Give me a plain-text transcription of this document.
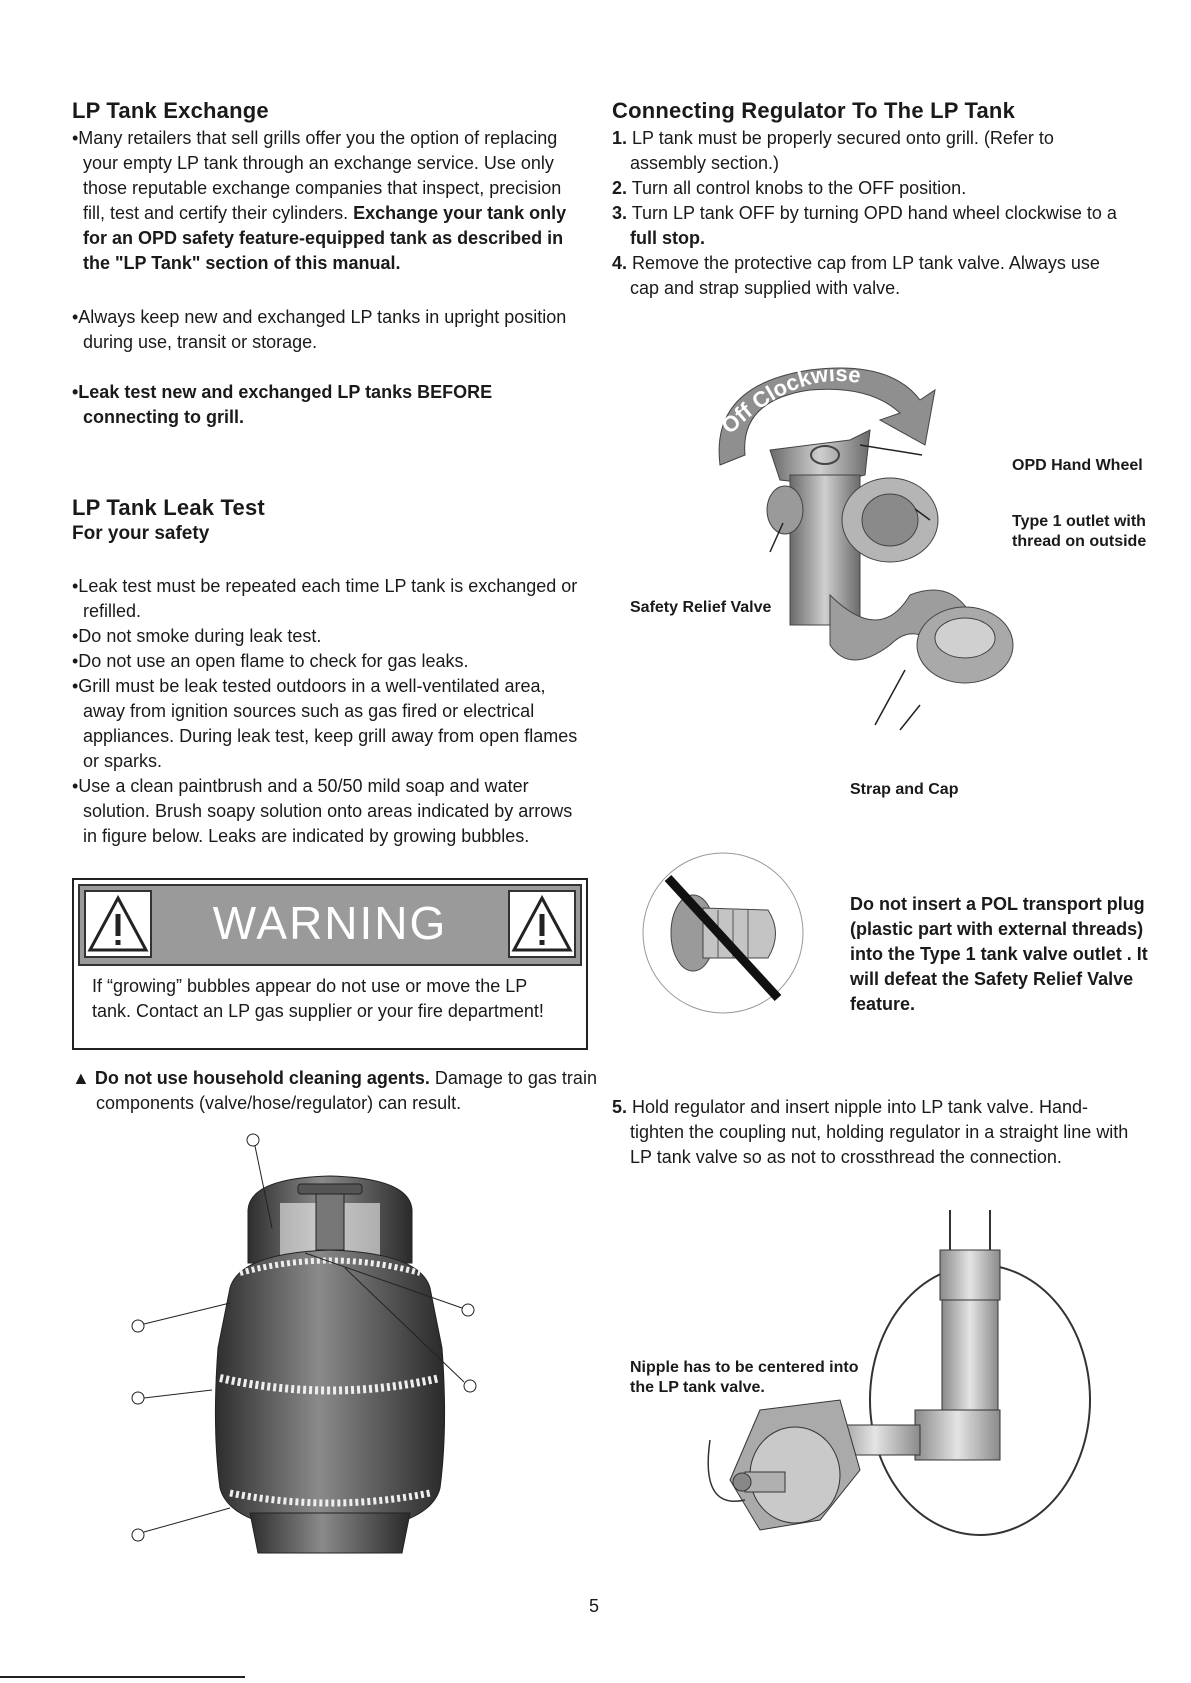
LP Tank Exchange
•Many retailers that sell grills offer you the option of replacing your empty LP tank through an exchange service. Use only those reputable exchange companies that inspect, precision fill, test and certify their cylinders. Exchange your tank only for an OPD safety feature-equipped tank as described in the "LP Tank" section of this manual.
•Always keep new and exchanged LP tanks in upright position during use, transit or storage.
•Leak test new and exchanged LP tanks BEFORE connecting to grill.
LP Tank Leak Test
For your safety
•Leak test must be repeated each time LP tank is exchanged or refilled.
•Do not smoke during leak test.
•Do not use an open flame to check for gas leaks.
•Grill must be leak tested outdoors in a well-ventilated area, away from ignition sources such as gas fired or electrical appliances. During leak test, keep grill away from open flames or sparks.
•Use a clean paintbrush and a 50/50 mild soap and water solution. Brush soapy solution onto areas indicated by arrows in figure below. Leaks are indicated by growing bubbles.
WARNING
If “growing” bubbles appear do not use or move the LP tank. Contact an LP gas supplier or your fire department!
▲ Do not use household cleaning agents. Damage to gas train components (valve/hose/regulator) can result.
Connecting Regulator To The LP Tank
1. LP tank must be properly secured onto grill. (Refer to assembly section.)
2. Turn all control knobs to the OFF position.
3. Turn LP tank OFF by turning OPD hand wheel clockwise to a full stop.
4. Remove the protective cap from LP tank valve. Always use cap and strap supplied with valve.
Off Clockwise
OPD Hand Wheel
Type 1 outlet with thread on outside
Safety Relief Valve
Strap and Cap
Do not insert a POL transport plug (plastic part with external threads) into the Type 1 tank valve outlet . It will defeat the Safety Relief Valve feature.
5. Hold regulator and insert nipple into LP tank valve. Hand-tighten the coupling nut, holding regulator in a straight line with LP tank valve so as not to crossthread the connection.
Nipple has to be centered into the LP tank valve.
5
